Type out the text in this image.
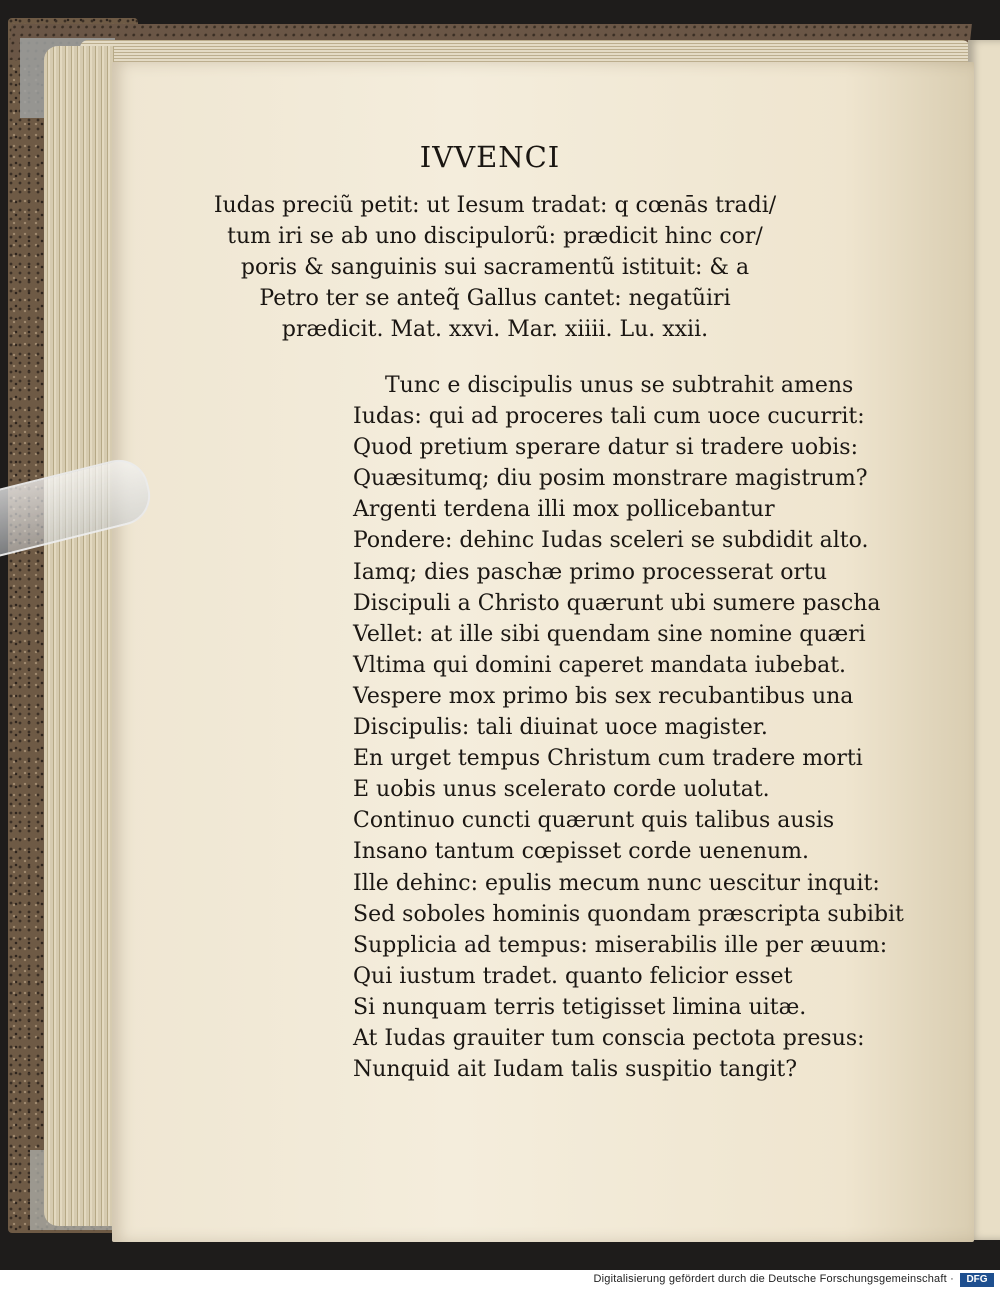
IVVENCI
Iudas preciũ petit: ut Iesum tradat: q cœnās tradi/
tum iri se ab uno discipulorũ: prædicit hinc cor/
poris & sanguinis sui sacramentũ istituit: & a
Petro ter se anteq̃ Gallus cantet: negatũiri
prædicit. Mat. xxvi. Mar. xiiii. Lu. xxii.
Tunc e discipulis unus se subtrahit amens
Iudas: qui ad proceres tali cum uoce cucurrit:
Quod pretium sperare datur si tradere uobis:
Quæsitumq; diu posim monstrare magistrum?
Argenti terdena illi mox pollicebantur
Pondere: dehinc Iudas sceleri se subdidit alto.
Iamq; dies paschæ primo processerat ortu
Discipuli a Christo quærunt ubi sumere pascha
Vellet: at ille sibi quendam sine nomine quæri
Vltima qui domini caperet mandata iubebat.
Vespere mox primo bis sex recubantibus una
Discipulis: tali diuinat uoce magister.
En urget tempus Christum cum tradere morti
E uobis unus scelerato corde uolutat.
Continuo cuncti quærunt quis talibus ausis
Insano tantum cœpisset corde uenenum.
Ille dehinc: epulis mecum nunc uescitur inquit:
Sed soboles hominis quondam præscripta subibit
Supplicia ad tempus: miserabilis ille per æuum:
Qui iustum tradet. quanto felicior esset
Si nunquam terris tetigisset limina uitæ.
At Iudas grauiter tum conscia pectota presus:
Nunquid ait Iudam talis suspitio tangit?
Digitalisierung gefördert durch die Deutsche Forschungsgemeinschaft ·	DFG
